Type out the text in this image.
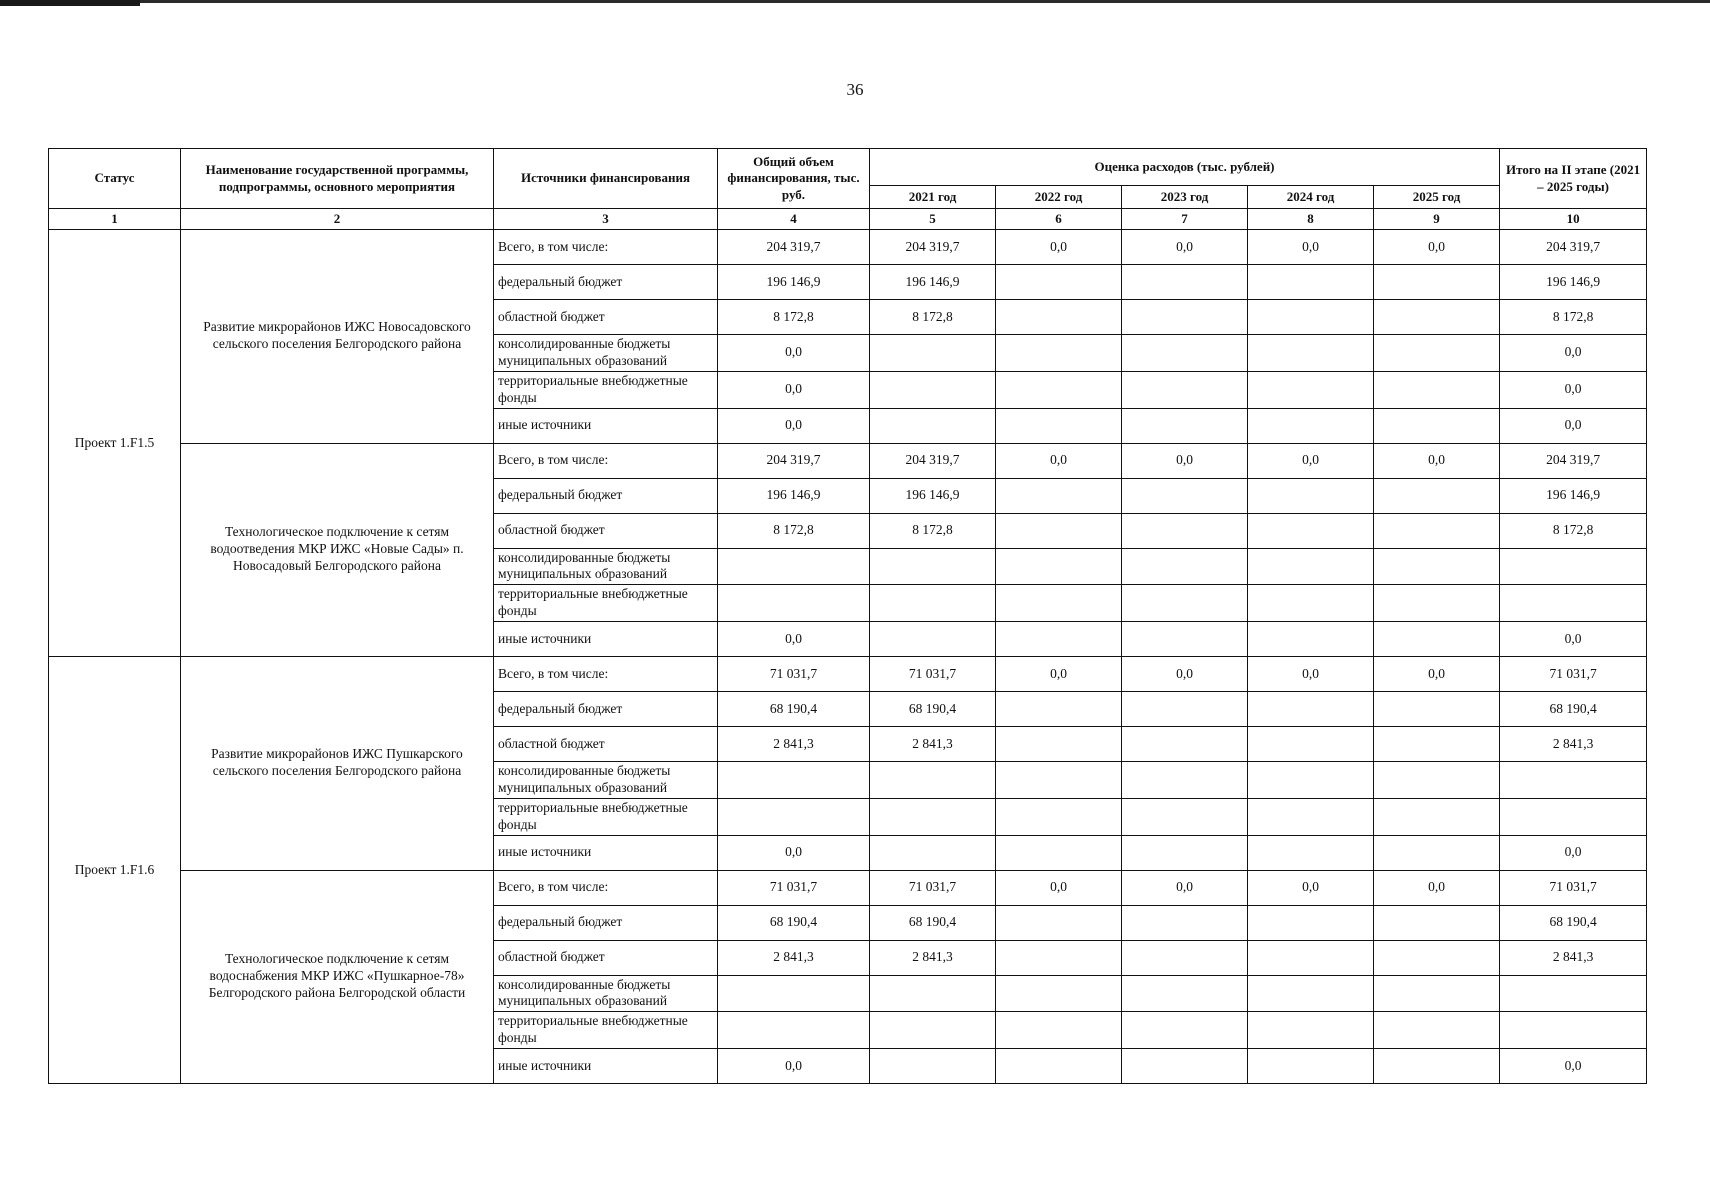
36
Статус	Наименование государственной программы, подпрограммы, основного мероприятия	Источники финансирования	Общий объем финансирования, тыс. руб.	Оценка расходов (тыс. рублей)					Итого на II этапе (2021 – 2025 годы)
				2021 год	2022 год	2023 год	2024 год	2025 год	
1	2	3	4	5	6	7	8	9	10
Проект 1.F1.5	Развитие микрорайонов ИЖС Новосадовского сельского поселения Белгородского района	Всего, в том числе:	204 319,7	204 319,7	0,0	0,0	0,0	0,0	204 319,7
		федеральный бюджет	196 146,9	196 146,9					196 146,9
		областной бюджет	8 172,8	8 172,8					8 172,8
		консолидированные бюджеты муниципальных образований	0,0						0,0
		территориальные внебюджетные фонды	0,0						0,0
		иные источники	0,0						0,0
	Технологическое подключение к сетям водоотведения МКР ИЖС «Новые Сады» п. Новосадовый Белгородского района	Всего, в том числе:	204 319,7	204 319,7	0,0	0,0	0,0	0,0	204 319,7
		федеральный бюджет	196 146,9	196 146,9					196 146,9
		областной бюджет	8 172,8	8 172,8					8 172,8
		консолидированные бюджеты муниципальных образований							
		территориальные внебюджетные фонды							
		иные источники	0,0						0,0
Проект 1.F1.6	Развитие микрорайонов ИЖС Пушкарского сельского поселения Белгородского района	Всего, в том числе:	71 031,7	71 031,7	0,0	0,0	0,0	0,0	71 031,7
		федеральный бюджет	68 190,4	68 190,4					68 190,4
		областной бюджет	2 841,3	2 841,3					2 841,3
		консолидированные бюджеты муниципальных образований							
		территориальные внебюджетные фонды							
		иные источники	0,0						0,0
	Технологическое подключение к сетям водоснабжения МКР ИЖС «Пушкарное-78» Белгородского района Белгородской области	Всего, в том числе:	71 031,7	71 031,7	0,0	0,0	0,0	0,0	71 031,7
		федеральный бюджет	68 190,4	68 190,4					68 190,4
		областной бюджет	2 841,3	2 841,3					2 841,3
		консолидированные бюджеты муниципальных образований							
		территориальные внебюджетные фонды							
		иные источники	0,0						0,0
